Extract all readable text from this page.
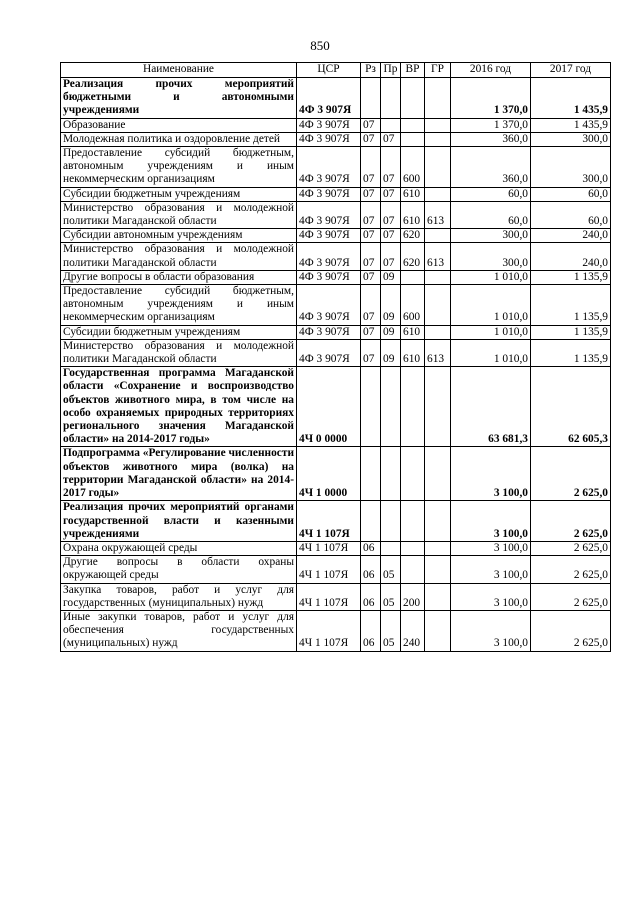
850
Наименование	ЦСР	Рз	Пр	ВР	ГР	2016 год	2017 год
Реализация прочих мероприятий бюджетными и автономными учреждениями	4Ф 3 907Я					1 370,0	1 435,9
Образование	4Ф 3 907Я	07				1 370,0	1 435,9
Молодежная политика и оздоровление детей	4Ф 3 907Я	07	07			360,0	300,0
Предоставление субсидий бюджетным, автономным учреждениям и иным некоммерческим организациям	4Ф 3 907Я	07	07	600		360,0	300,0
Субсидии бюджетным учреждениям	4Ф 3 907Я	07	07	610		60,0	60,0
Министерство образования и молодежной политики Магаданской области	4Ф 3 907Я	07	07	610	613	60,0	60,0
Субсидии автономным учреждениям	4Ф 3 907Я	07	07	620		300,0	240,0
Министерство образования и молодежной политики Магаданской области	4Ф 3 907Я	07	07	620	613	300,0	240,0
Другие вопросы в области образования	4Ф 3 907Я	07	09			1 010,0	1 135,9
Предоставление субсидий бюджетным, автономным учреждениям и иным некоммерческим организациям	4Ф 3 907Я	07	09	600		1 010,0	1 135,9
Субсидии бюджетным учреждениям	4Ф 3 907Я	07	09	610		1 010,0	1 135,9
Министерство образования и молодежной политики Магаданской области	4Ф 3 907Я	07	09	610	613	1 010,0	1 135,9
Государственная программа Магаданской области «Сохранение и воспроизводство объектов животного мира, в том числе на особо охраняемых природных территориях регионального значения Магаданской области» на 2014-2017 годы»	4Ч 0 0000					63 681,3	62 605,3
Подпрограмма «Регулирование численности объектов животного мира (волка) на территории Магаданской области» на 2014-2017 годы»	4Ч 1 0000					3 100,0	2 625,0
Реализация прочих мероприятий органами государственной власти и казенными учреждениями	4Ч 1 107Я					3 100,0	2 625,0
Охрана окружающей среды	4Ч 1 107Я	06				3 100,0	2 625,0
Другие вопросы в области охраны окружающей среды	4Ч 1 107Я	06	05			3 100,0	2 625,0
Закупка товаров, работ и услуг для государственных (муниципальных) нужд	4Ч 1 107Я	06	05	200		3 100,0	2 625,0
Иные закупки товаров, работ и услуг для обеспечения государственных (муниципальных) нужд	4Ч 1 107Я	06	05	240		3 100,0	2 625,0
